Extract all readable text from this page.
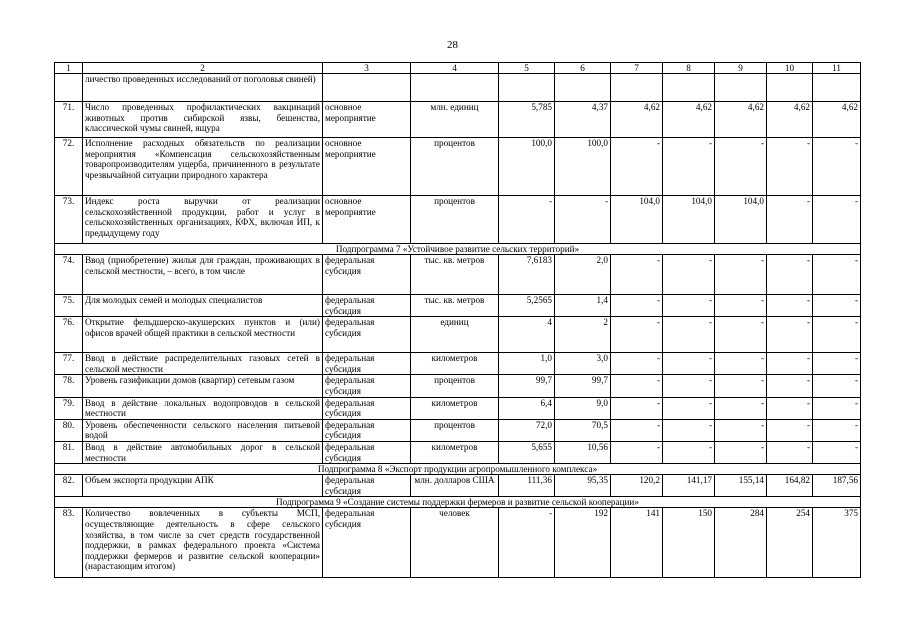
28
1	2	3	4	5	6	7	8	9	10	11
	личество проведенных исследований от поголовья свиней)									
71.	Число проведенных профилактических вакцинаций животных против сибирской язвы, бешенства, классической чумы свиней, ящура	основное мероприятие	млн. единиц	5,785	4,37	4,62	4,62	4,62	4,62	4,62
72.	Исполнение расходных обязательств по реализации мероприятия «Компенсация сельскохозяйственным товаропроизводителям ущерба, причиненного в результате чрезвычайной ситуации природного характера	основное мероприятие	процентов	100,0	100,0	-	-	-	-	-
73.	Индекс роста выручки от реализации сельскохозяйственной продукции, работ и услуг в сельскохозяйственных организациях, КФХ, включая ИП, к предыдущему году	основное мероприятие	процентов	-	-	104,0	104,0	104,0	-	-
Подпрограмма 7 «Устойчивое развитие сельских территорий»										
74.	Ввод (приобретение) жилья для граждан, проживающих в сельской местности, – всего, в том числе	федеральная субсидия	тыс. кв. метров	7,6183	2,0	-	-	-	-	-
75.	Для молодых семей и молодых специалистов	федеральная субсидия	тыс. кв. метров	5,2565	1,4	-	-	-	-	-
76.	Открытие фельдшерско-акушерских пунктов и (или) офисов врачей общей практики в сельской местности	федеральная субсидия	единиц	4	2	-	-	-	-	-
77.	Ввод в действие распределительных газовых сетей в сельской местности	федеральная субсидия	километров	1,0	3,0	-	-	-	-	-
78.	Уровень газификации домов (квартир) сетевым газом	федеральная субсидия	процентов	99,7	99,7	-	-	-	-	-
79.	Ввод в действие локальных водопроводов в сельской местности	федеральная субсидия	километров	6,4	9,0	-	-	-	-	-
80.	Уровень обеспеченности сельского населения питьевой водой	федеральная субсидия	процентов	72,0	70,5	-	-	-	-	-
81.	Ввод в действие автомобильных дорог в сельской местности	федеральная субсидия	километров	5,655	10,56	-	-	-	-	-
Подпрограмма 8 «Экспорт продукции агропромышленного комплекса»										
82.	Объем экспорта продукции АПК	федеральная субсидия	млн. долларов США	111,36	95,35	120,2	141,17	155,14	164,82	187,56
Подпрограмма 9 «Создание системы поддержки фермеров и развитие сельской кооперации»										
83.	Количество вовлеченных в субъекты МСП, осуществляющие деятельность в сфере сельского хозяйства, в том числе за счет средств государственной поддержки, в рамках федерального проекта «Система поддержки фермеров и развитие сельской кооперации» (нарастающим итогом)	федеральная субсидия	человек	-	192	141	150	284	254	375
